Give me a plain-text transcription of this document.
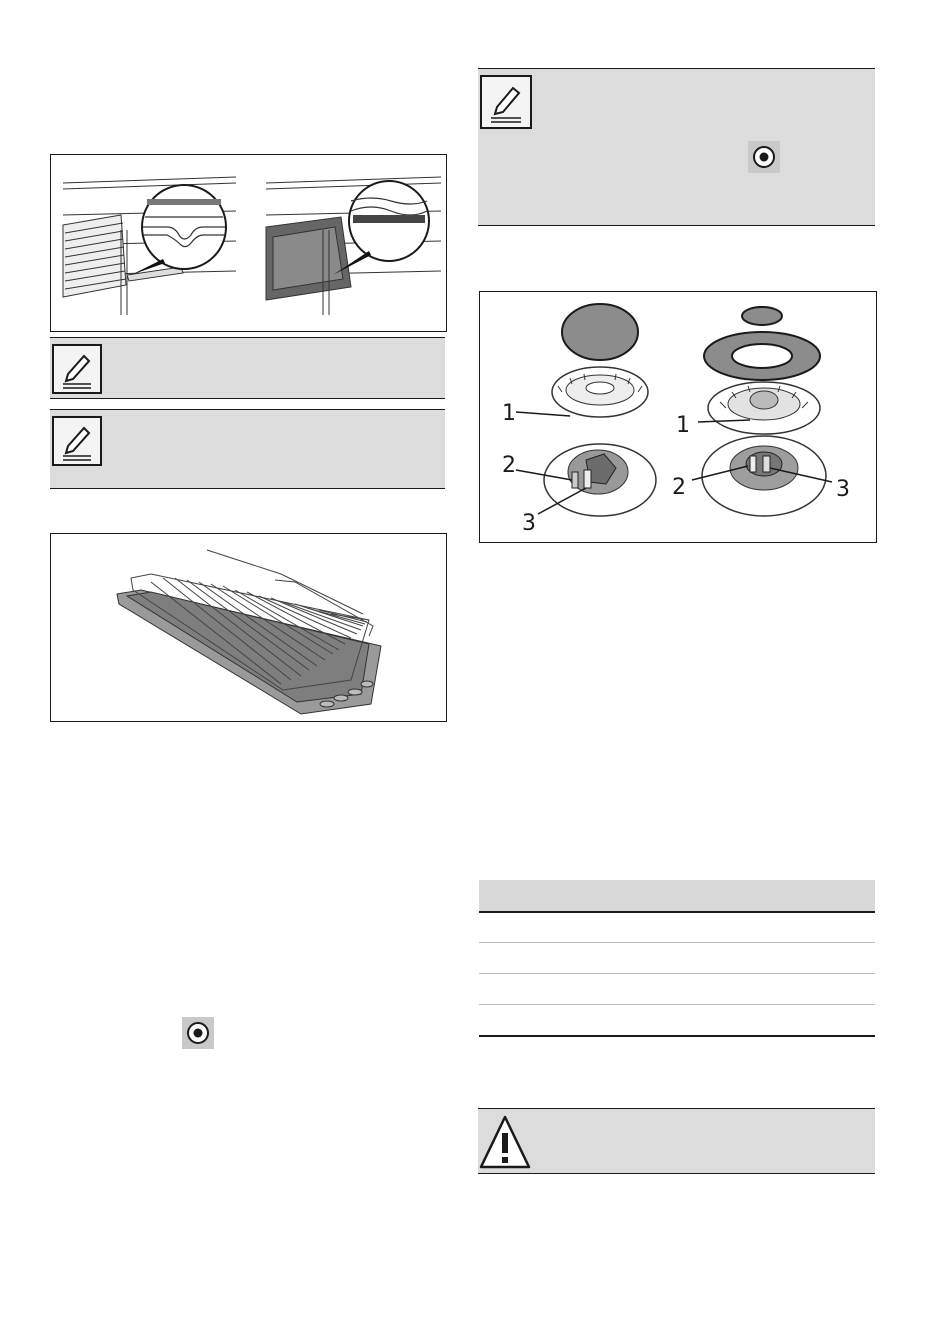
1
2
3
1
2	3
